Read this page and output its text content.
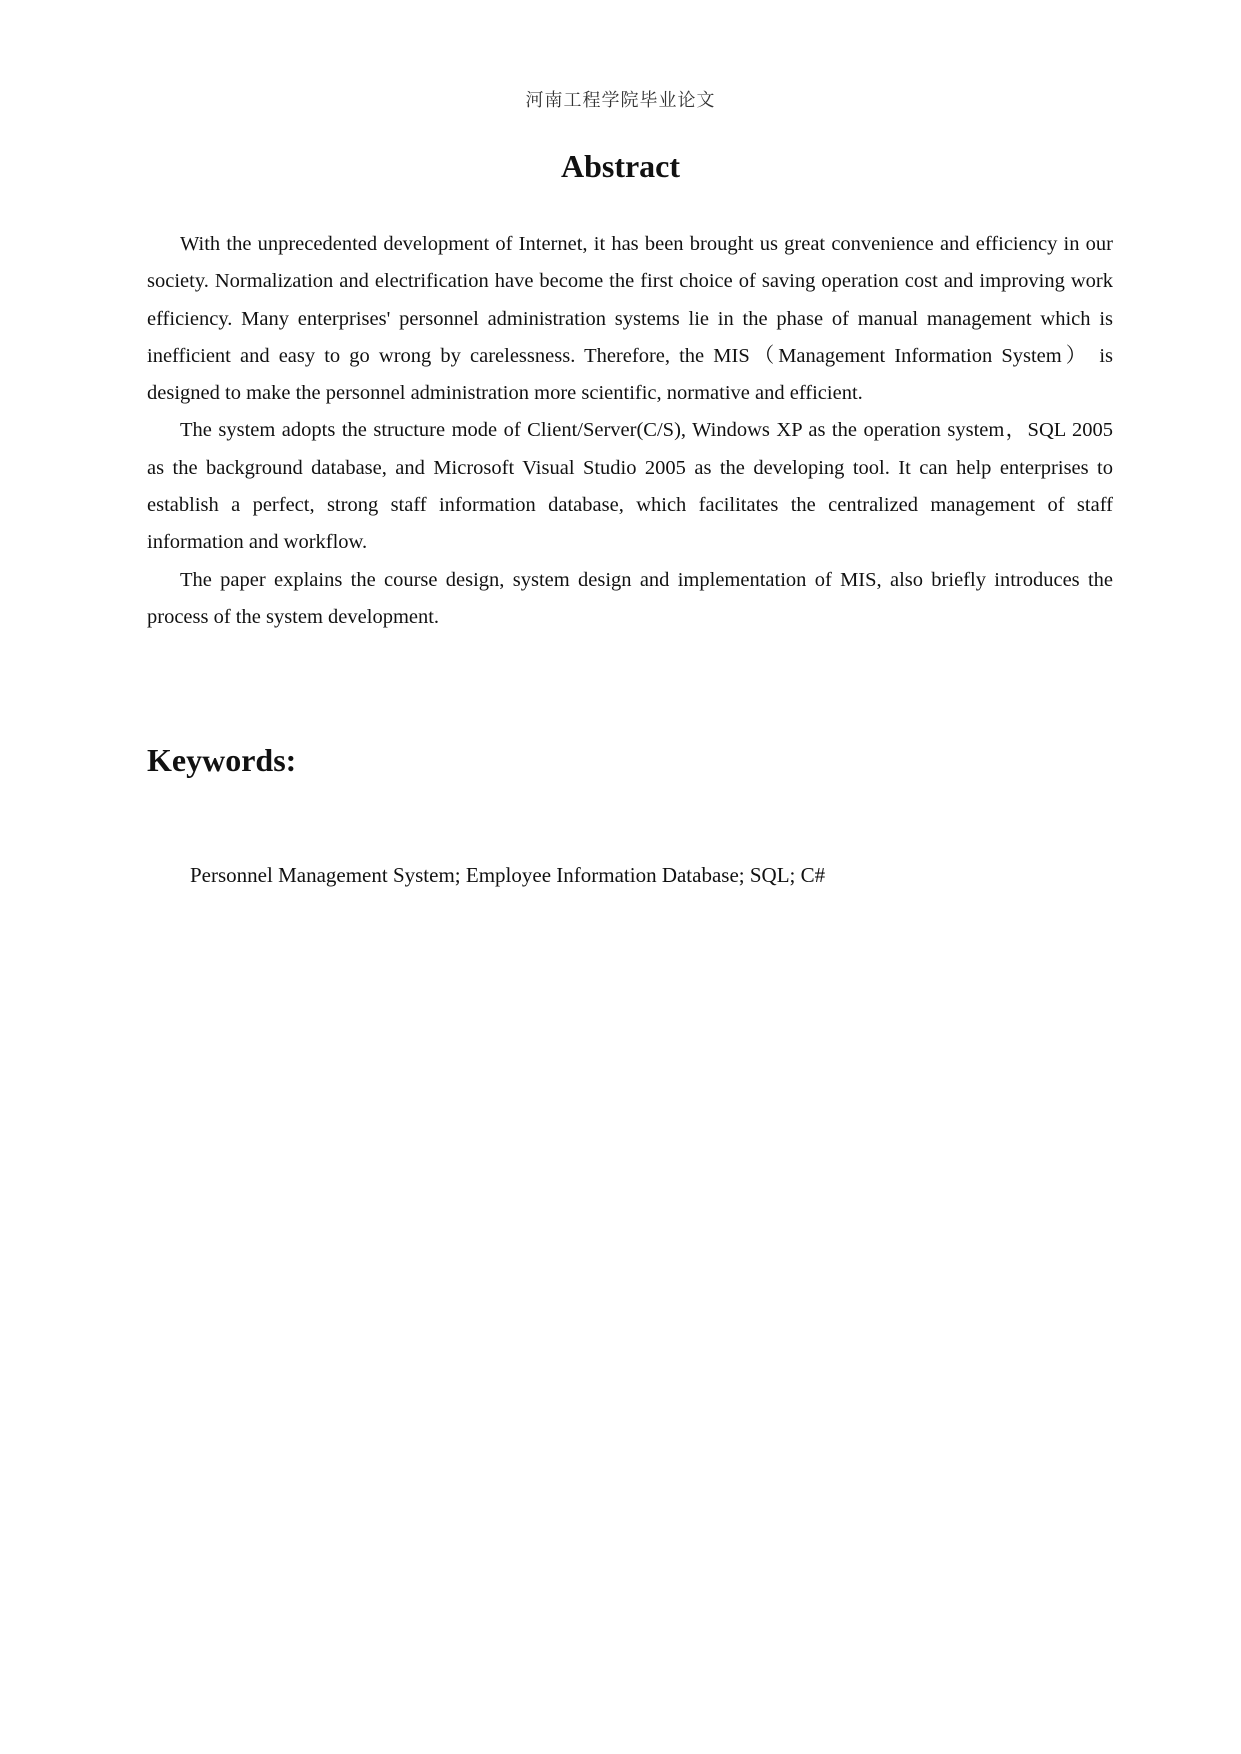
河南工程学院毕业论文
Abstract

With the unprecedented development of Internet, it has been brought us great convenience and efficiency in our society. Normalization and electrification have become the first choice of saving operation cost and improving work efficiency. Many enterprises' personnel administration systems lie in the phase of manual management which is inefficient and easy to go wrong by carelessness. Therefore, the MIS（Management Information System） is designed to make the personnel administration more scientific, normative and efficient.

The system adopts the structure mode of Client/Server(C/S), Windows XP as the operation system，SQL 2005 as the background database, and Microsoft Visual Studio 2005 as the developing tool. It can help enterprises to establish a perfect, strong staff information database, which facilitates the centralized management of staff information and workflow.

The paper explains the course design, system design and implementation of MIS, also briefly introduces the process of the system development.

Keywords:
Personnel Management System; Employee Information Database; SQL; C#
